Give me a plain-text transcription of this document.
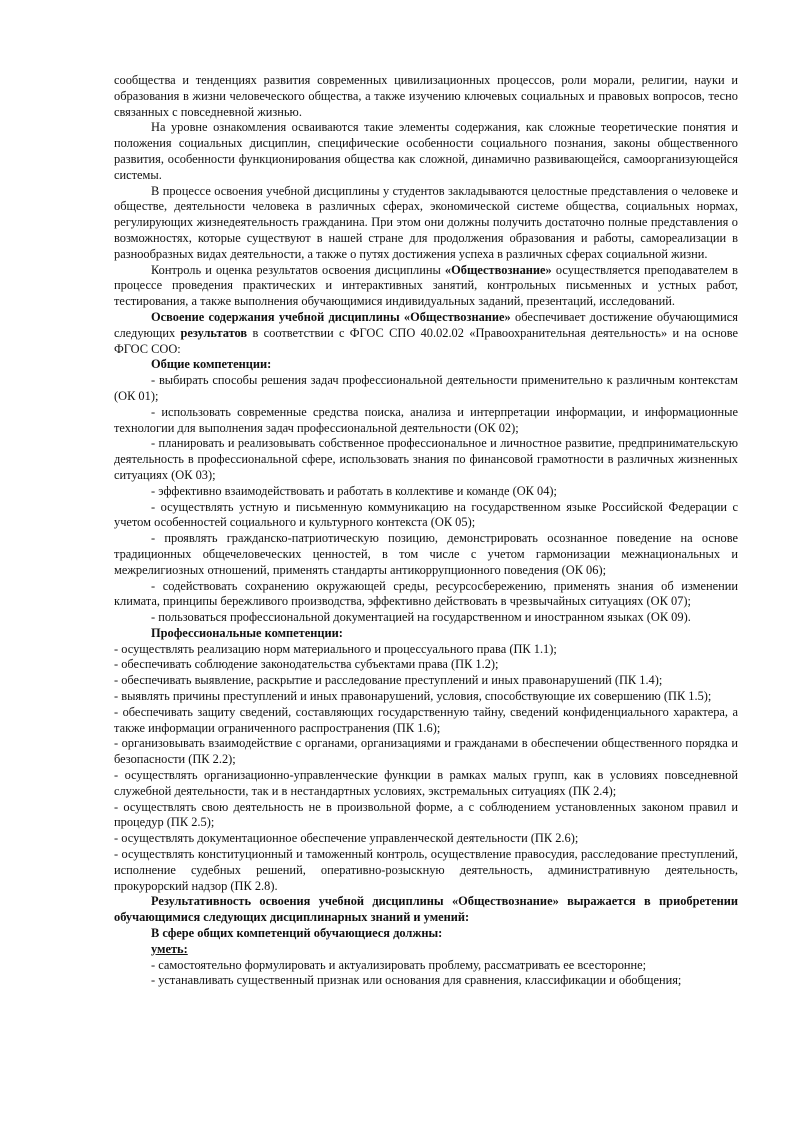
сообщества и тенденциях развития современных цивилизационных процессов, роли морали, религии, науки и образования в жизни человеческого общества, а также изучению ключевых социальных и правовых вопросов, тесно связанных с повседневной жизнью.

На уровне ознакомления осваиваются такие элементы содержания, как сложные теоретические понятия и положения социальных дисциплин, специфические особенности социального познания, законы общественного развития, особенности функционирования общества как сложной, динамично развивающейся, самоорганизующейся системы.

В процессе освоения учебной дисциплины у студентов закладываются целостные представления о человеке и обществе, деятельности человека в различных сферах, экономической системе общества, социальных нормах, регулирующих жизнедеятельность гражданина. При этом они должны получить достаточно полные представления о возможностях, которые существуют в нашей стране для продолжения образования и работы, самореализации в разнообразных видах деятельности, а также о путях достижения успеха в различных сферах социальной жизни.

Контроль и оценка результатов освоения дисциплины «Обществознание» осуществляется преподавателем в процессе проведения практических и интерактивных занятий, контрольных письменных и устных работ, тестирования, а также выполнения обучающимися индивидуальных заданий, презентаций, исследований.

Освоение содержания учебной дисциплины «Обществознание» обеспечивает достижение обучающимися следующих результатов в соответствии с ФГОС СПО 40.02.02 «Правоохранительная деятельность» и на основе ФГОС СОО:

Общие компетенции:

- выбирать способы решения задач профессиональной деятельности применительно к различным контекстам (ОК 01);

- использовать современные средства поиска, анализа и интерпретации информации, и информационные технологии для выполнения задач профессиональной деятельности (ОК 02);

- планировать и реализовывать собственное профессиональное и личностное развитие, предпринимательскую деятельность в профессиональной сфере, использовать знания по финансовой грамотности в различных жизненных ситуациях (ОК 03);

- эффективно взаимодействовать и работать в коллективе и команде (ОК 04);

- осуществлять устную и письменную коммуникацию на государственном языке Российской Федерации с учетом особенностей социального и культурного контекста (ОК 05);

- проявлять гражданско-патриотическую позицию, демонстрировать осознанное поведение на основе традиционных общечеловеческих ценностей, в том числе с учетом гармонизации межнациональных и межрелигиозных отношений, применять стандарты антикоррупционного поведения (ОК 06);

- содействовать сохранению окружающей среды, ресурсосбережению, применять знания об изменении климата, принципы бережливого производства, эффективно действовать в чрезвычайных ситуациях (ОК 07);

- пользоваться профессиональной документацией на государственном и иностранном языках (ОК 09).

Профессиональные компетенции:

- осуществлять реализацию норм материального и процессуального права (ПК 1.1);

- обеспечивать соблюдение законодательства субъектами права (ПК 1.2);

- обеспечивать выявление, раскрытие и расследование преступлений и иных правонарушений (ПК 1.4);

- выявлять причины преступлений и иных правонарушений, условия, способствующие их совершению (ПК 1.5);

- обеспечивать защиту сведений, составляющих государственную тайну, сведений конфиденциального характера, а также информации ограниченного распространения (ПК 1.6);

- организовывать взаимодействие с органами, организациями и гражданами в обеспечении общественного порядка и безопасности (ПК 2.2);

- осуществлять организационно-управленческие функции в рамках малых групп, как в условиях повседневной служебной деятельности, так и в нестандартных условиях, экстремальных ситуациях (ПК 2.4);

- осуществлять свою деятельность не в произвольной форме, а с соблюдением установленных законом правил и процедур (ПК 2.5);

- осуществлять документационное обеспечение управленческой деятельности (ПК 2.6);

- осуществлять конституционный и таможенный контроль, осуществление правосудия, расследование преступлений, исполнение судебных решений, оперативно-розыскную деятельность, административную деятельность, прокурорский надзор (ПК 2.8).

Результативность освоения учебной дисциплины «Обществознание» выражается в приобретении обучающимися следующих дисциплинарных знаний и умений:

В сфере общих компетенций обучающиеся должны:

уметь:

- самостоятельно формулировать и актуализировать проблему, рассматривать ее всесторонне;

- устанавливать существенный признак или основания для сравнения, классификации и обобщения;
